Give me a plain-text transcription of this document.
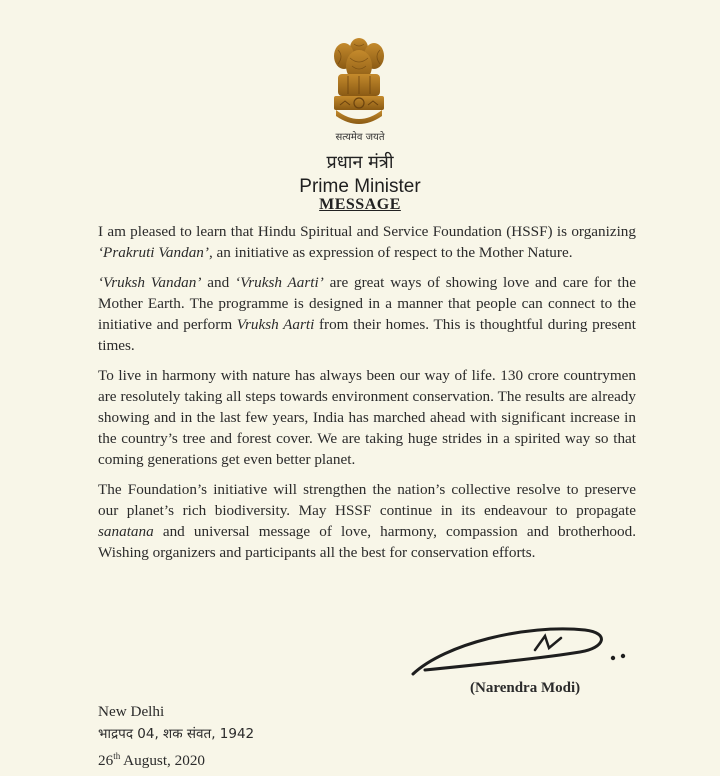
सत्यमेव जयते
प्रधान मंत्री
Prime Minister
MESSAGE

I am pleased to learn that Hindu Spiritual and Service Foundation (HSSF) is organizing ‘Prakruti Vandan’, an initiative as expression of respect to the Mother Nature.

‘Vruksh Vandan’ and ‘Vruksh Aarti’ are great ways of showing love and care for the Mother Earth. The programme is designed in a manner that people can connect to the initiative and perform Vruksh Aarti from their homes. This is thoughtful during present times.

To live in harmony with nature has always been our way of life. 130 crore countrymen are resolutely taking all steps towards environment conservation. The results are already showing and in the last few years, India has marched ahead with significant increase in the country’s tree and forest cover. We are taking huge strides in a spirited way so that coming generations get even better planet.

The Foundation’s initiative will strengthen the nation’s collective resolve to preserve our planet’s rich biodiversity. May HSSF continue in its endeavour to propagate sanatana and universal message of love, harmony, compassion and brotherhood. Wishing organizers and participants all the best for conservation efforts.

(Narendra Modi)
New Delhi
भाद्रपद 04, शक संवत, 1942
26th August, 2020
